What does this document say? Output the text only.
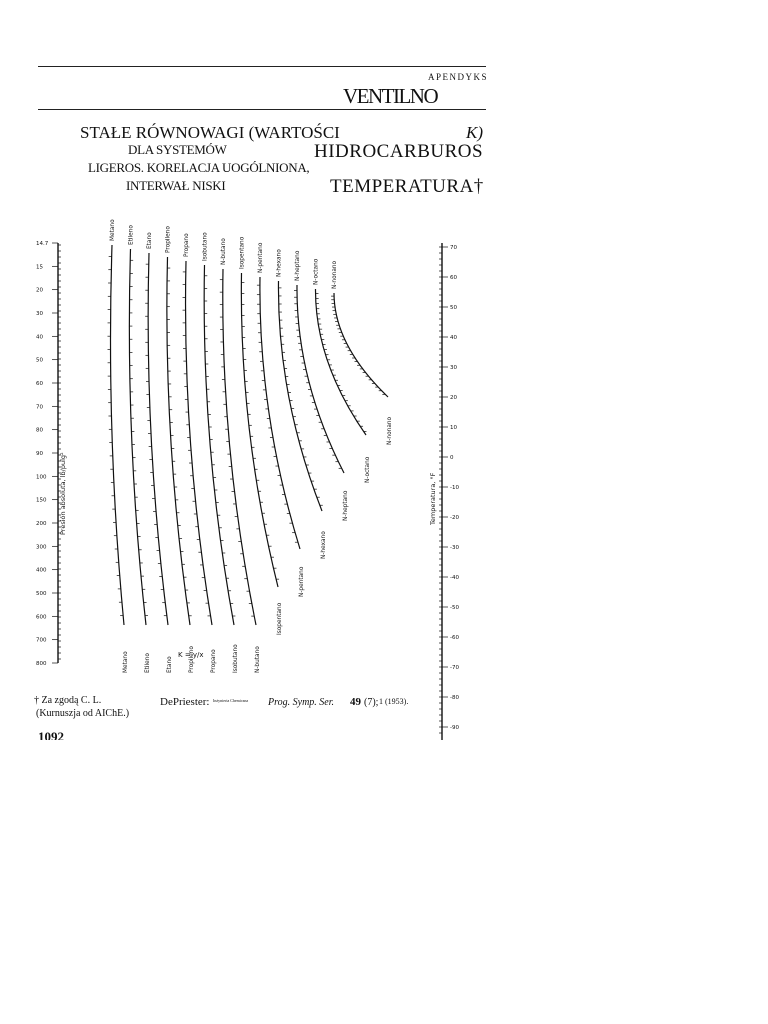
APENDYKS
VENTILNO
STAŁE RÓWNOWAGI (WARTOŚCI	K)
DLA SYSTEMÓW	HIDROCARBUROS
LIGEROS. KORELACJA UOGÓLNIONA,
INTERWAŁ NISKI	TEMPERATURA†
14.7
15
20
30
40
50
60
70
80
90
100
150
200
300
400
500
600
700
800
70
60
50
40
30
20
10
0
-10
-20
-30
-40
-50
-60
-70
-80
-90
Metano
Metano
Etileno
Etileno
Etano
Etano
Propileno
Propileno
Propano
Propano
Isobutano
Isobutano
N-butano
N-butano
Isopentano
Isopentano
N-pentano
N-pentano
N-hexano
N-hexano
N-heptano
N-heptano
N-octano
N-octano
N-nonano
N-nonano
Presión absoluta, lb/pulg²	Temperatura, °F
K = y/x
† Za zgodą C. L.
(Kurnuszja od AIChE.)
DePriester: Inżynieria Chemiczna Prog. Symp. Ser. 49 (7); 1 (1953).
1092
